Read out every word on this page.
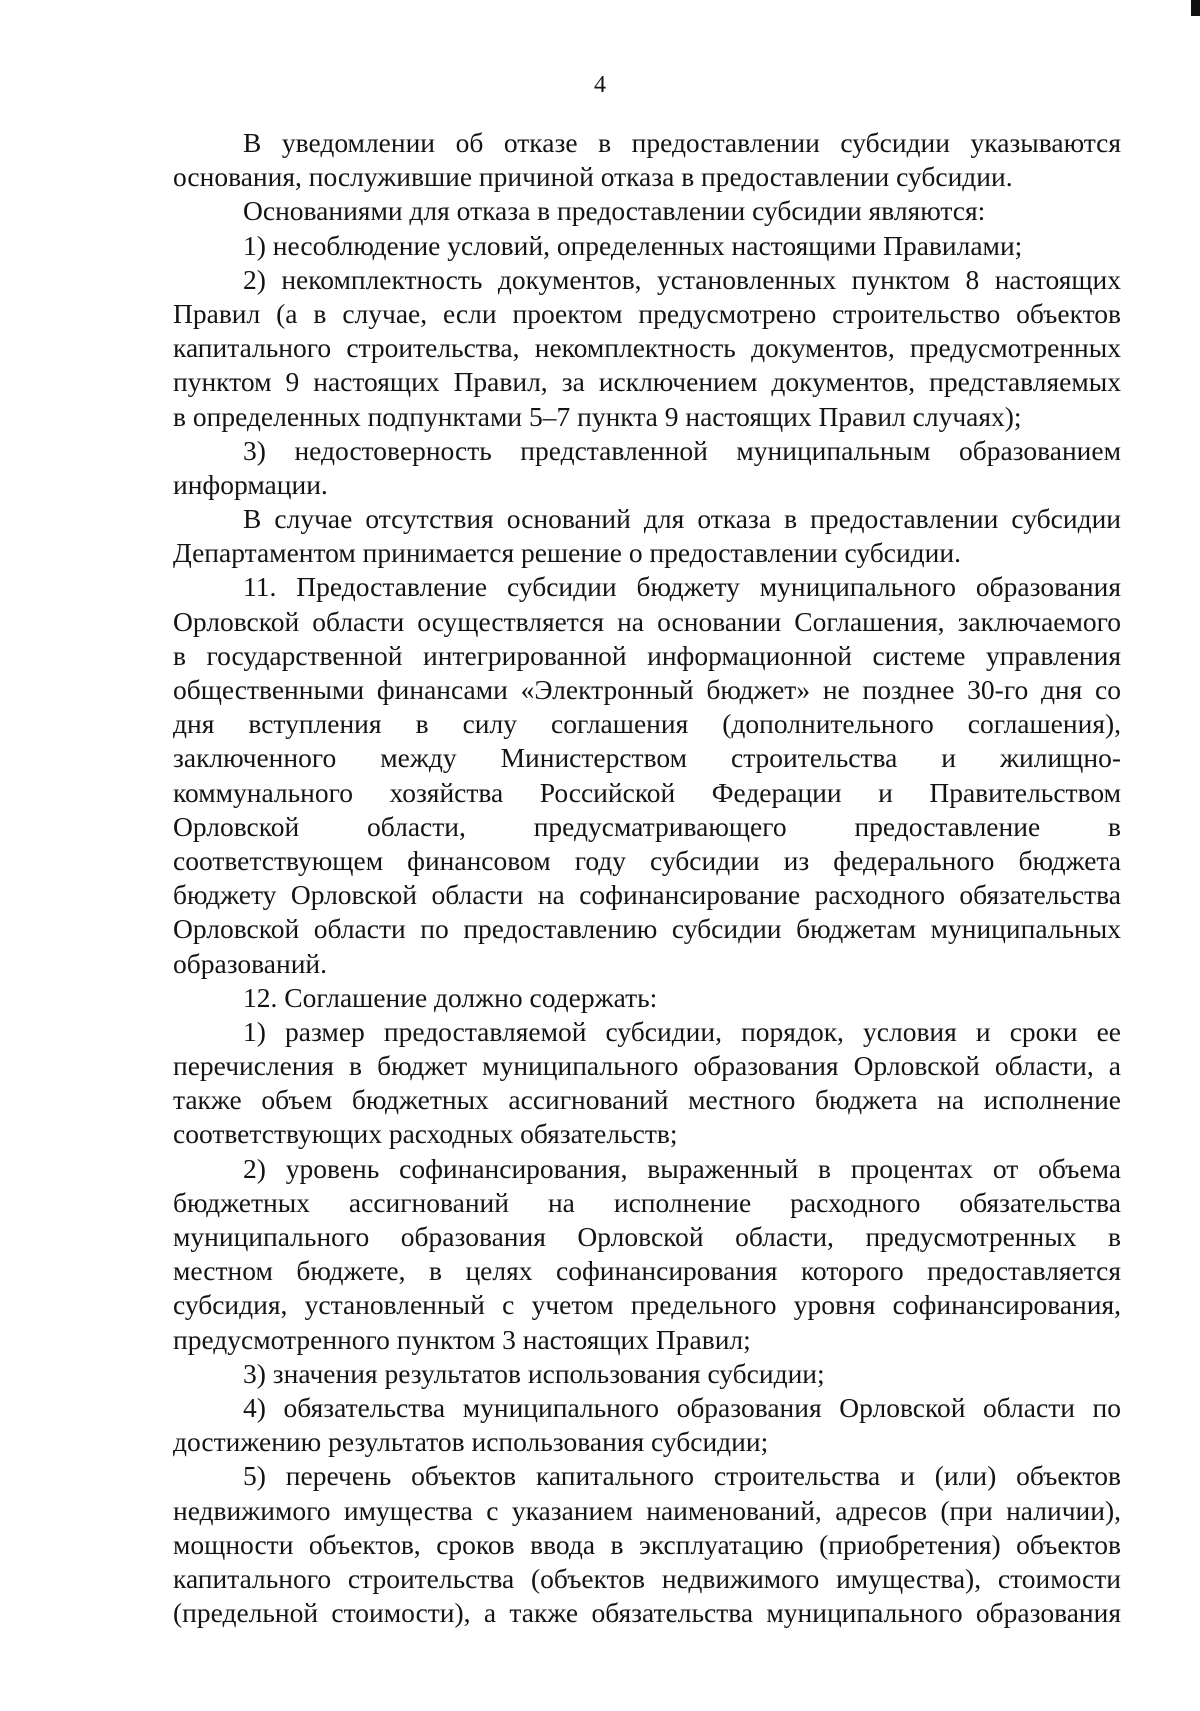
4
В уведомлении об отказе в предоставлении субсидии указываются
основания, послужившие причиной отказа в предоставлении субсидии.
Основаниями для отказа в предоставлении субсидии являются:
1) несоблюдение условий, определенных настоящими Правилами;
2) некомплектность документов, установленных пунктом 8 настоящих
Правил (а в случае, если проектом предусмотрено строительство объектов
капитального строительства, некомплектность документов, предусмотренных
пунктом 9 настоящих Правил, за исключением документов, представляемых
в определенных подпунктами 5–7 пункта 9 настоящих Правил случаях);
3) недостоверность представленной муниципальным образованием
информации.
В случае отсутствия оснований для отказа в предоставлении субсидии
Департаментом принимается решение о предоставлении субсидии.
11. Предоставление субсидии бюджету муниципального образования
Орловской области осуществляется на основании Соглашения, заключаемого
в государственной интегрированной информационной системе управления
общественными финансами «Электронный бюджет» не позднее 30-го дня со
дня вступления в силу соглашения (дополнительного соглашения),
заключенного между Министерством строительства и жилищно-
коммунального хозяйства Российской Федерации и Правительством
Орловской области, предусматривающего предоставление в
соответствующем финансовом году субсидии из федерального бюджета
бюджету Орловской области на софинансирование расходного обязательства
Орловской области по предоставлению субсидии бюджетам муниципальных
образований.
12. Соглашение должно содержать:
1) размер предоставляемой субсидии, порядок, условия и сроки ее
перечисления в бюджет муниципального образования Орловской области, а
также объем бюджетных ассигнований местного бюджета на исполнение
соответствующих расходных обязательств;
2) уровень софинансирования, выраженный в процентах от объема
бюджетных ассигнований на исполнение расходного обязательства
муниципального образования Орловской области, предусмотренных в
местном бюджете, в целях софинансирования которого предоставляется
субсидия, установленный с учетом предельного уровня софинансирования,
предусмотренного пунктом 3 настоящих Правил;
3) значения результатов использования субсидии;
4) обязательства муниципального образования Орловской области по
достижению результатов использования субсидии;
5) перечень объектов капитального строительства и (или) объектов
недвижимого имущества с указанием наименований, адресов (при наличии),
мощности объектов, сроков ввода в эксплуатацию (приобретения) объектов
капитального строительства (объектов недвижимого имущества), стоимости
(предельной стоимости), а также обязательства муниципального образования
